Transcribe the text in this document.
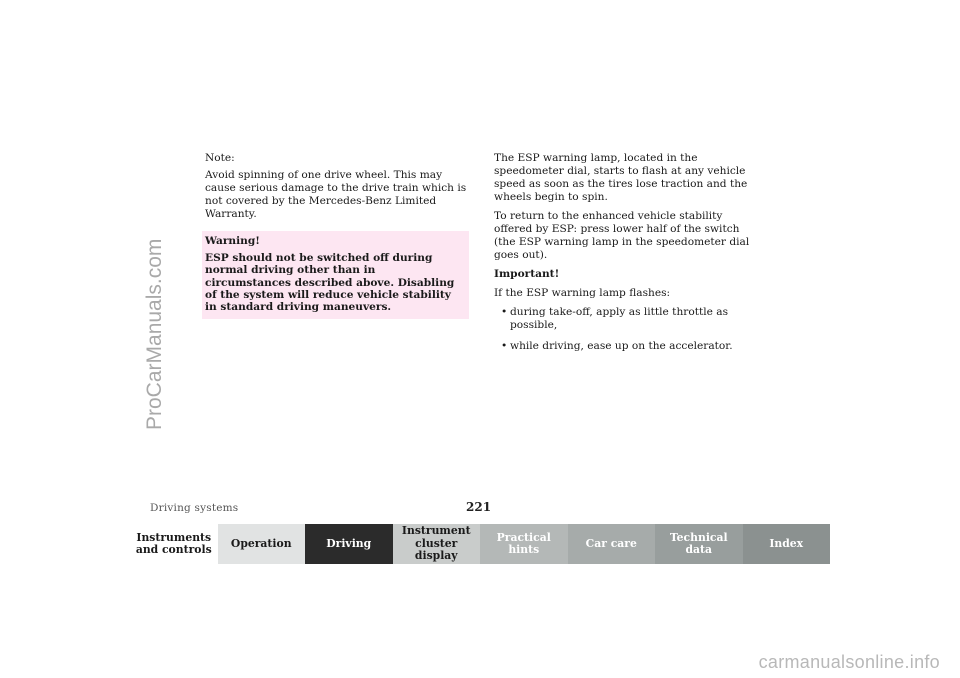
ProCarManuals.com

Note:

Avoid spinning of one drive wheel. This may cause serious damage to the drive train which is not covered by the Mercedes-Benz Limited Warranty.

Warning!
ESP should not be switched off during normal driving other than in circumstances described above. Disabling of the system will reduce vehicle stability in standard driving maneuvers.

The ESP warning lamp, located in the speedometer dial, starts to flash at any vehicle speed as soon as the tires lose traction and the wheels begin to spin.

To return to the enhanced vehicle stability offered by ESP: press lower half of the switch (the ESP warning lamp in the speedometer dial goes out).

Important!

If the ESP warning lamp flashes:

• during take-off, apply as little throttle as possible,
• while driving, ease up on the accelerator.
Driving systems	221
Instruments
and controls	Operation	Driving
Instrument
cluster display
Practical hints	Car care	Technical
data	Index
carmanualsonline.info
